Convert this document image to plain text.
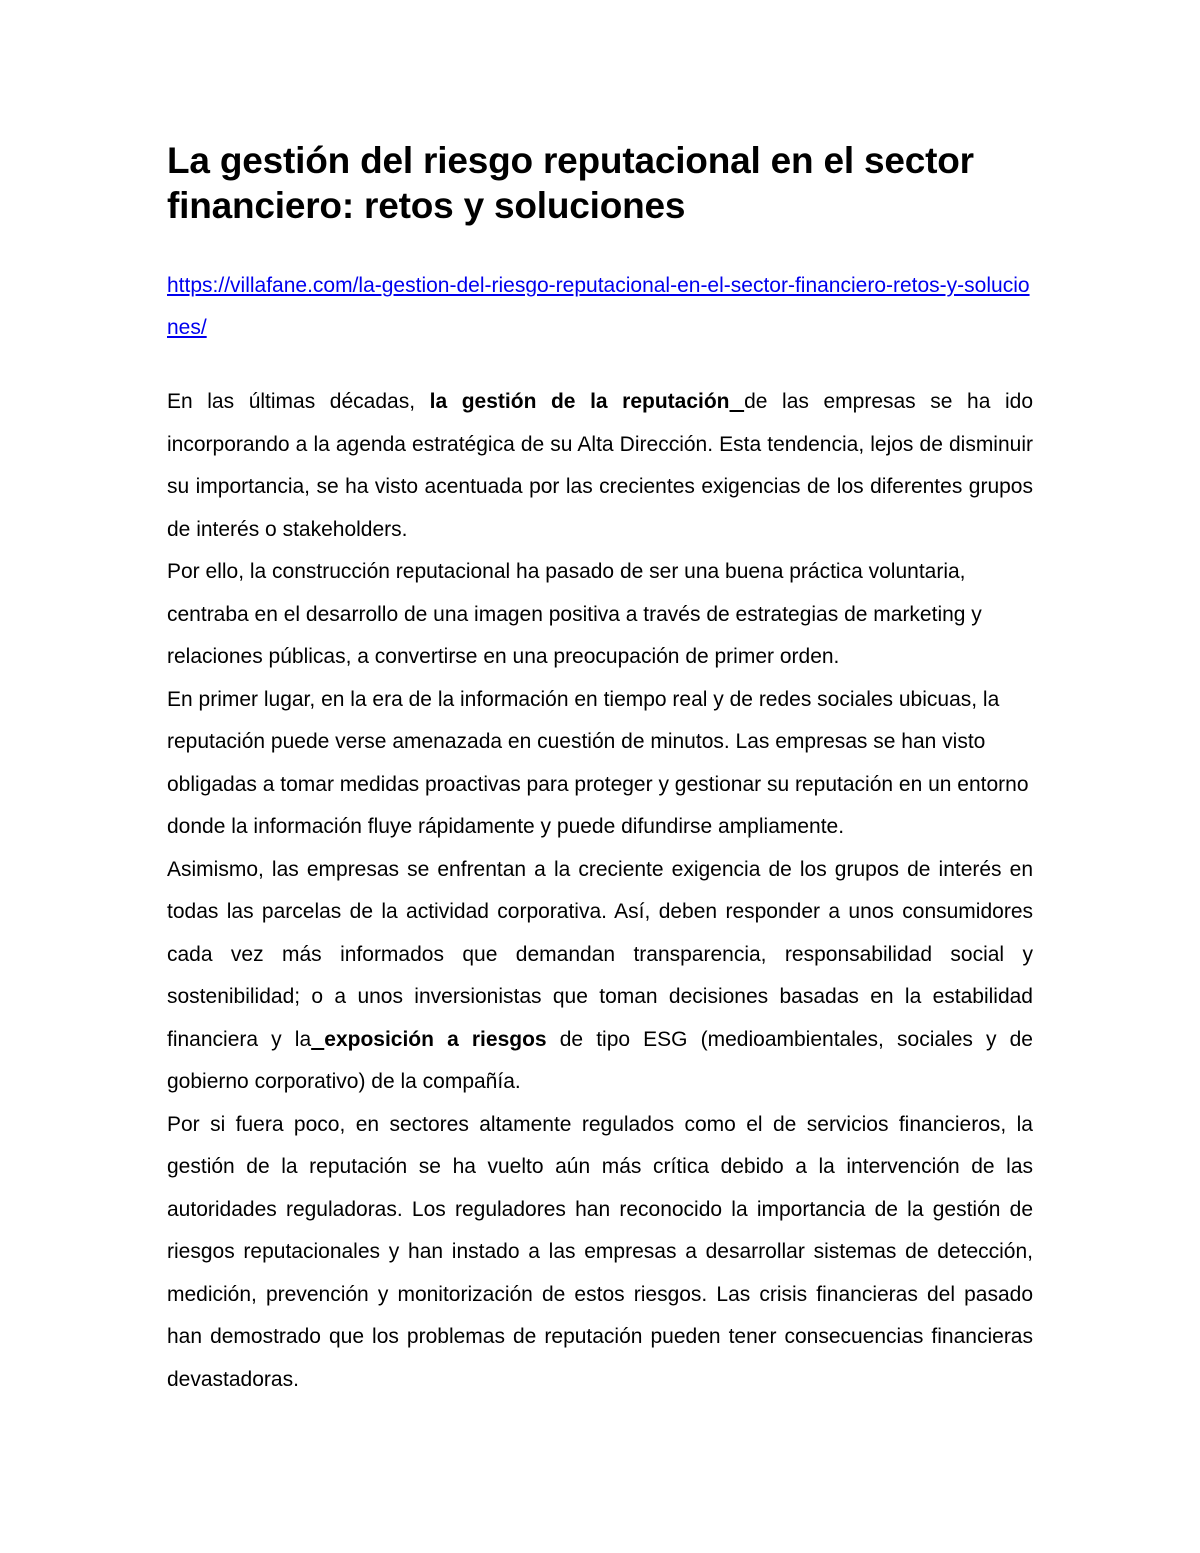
La gestión del riesgo reputacional en el sector financiero: retos y soluciones
https://villafane.com/la-gestion-del-riesgo-reputacional-en-el-sector-financiero-retos-y-soluciones/

En las últimas décadas, la gestión de la reputación de las empresas se ha ido incorporando a la agenda estratégica de su Alta Dirección. Esta tendencia, lejos de disminuir su importancia, se ha visto acentuada por las crecientes exigencias de los diferentes grupos de interés o stakeholders.

Por ello, la construcción reputacional ha pasado de ser una buena práctica voluntaria, centraba en el desarrollo de una imagen positiva a través de estrategias de marketing y relaciones públicas, a convertirse en una preocupación de primer orden.

En primer lugar, en la era de la información en tiempo real y de redes sociales ubicuas, la reputación puede verse amenazada en cuestión de minutos. Las empresas se han visto obligadas a tomar medidas proactivas para proteger y gestionar su reputación en un entorno donde la información fluye rápidamente y puede difundirse ampliamente.

Asimismo, las empresas se enfrentan a la creciente exigencia de los grupos de interés en todas las parcelas de la actividad corporativa. Así, deben responder a unos consumidores cada vez más informados que demandan transparencia, responsabilidad social y sostenibilidad; o a unos inversionistas que toman decisiones basadas en la estabilidad financiera y la exposición a riesgos de tipo ESG (medioambientales, sociales y de gobierno corporativo) de la compañía.

Por si fuera poco, en sectores altamente regulados como el de servicios financieros, la gestión de la reputación se ha vuelto aún más crítica debido a la intervención de las autoridades reguladoras. Los reguladores han reconocido la importancia de la gestión de riesgos reputacionales y han instado a las empresas a desarrollar sistemas de detección, medición, prevención y monitorización de estos riesgos. Las crisis financieras del pasado han demostrado que los problemas de reputación pueden tener consecuencias financieras devastadoras.
